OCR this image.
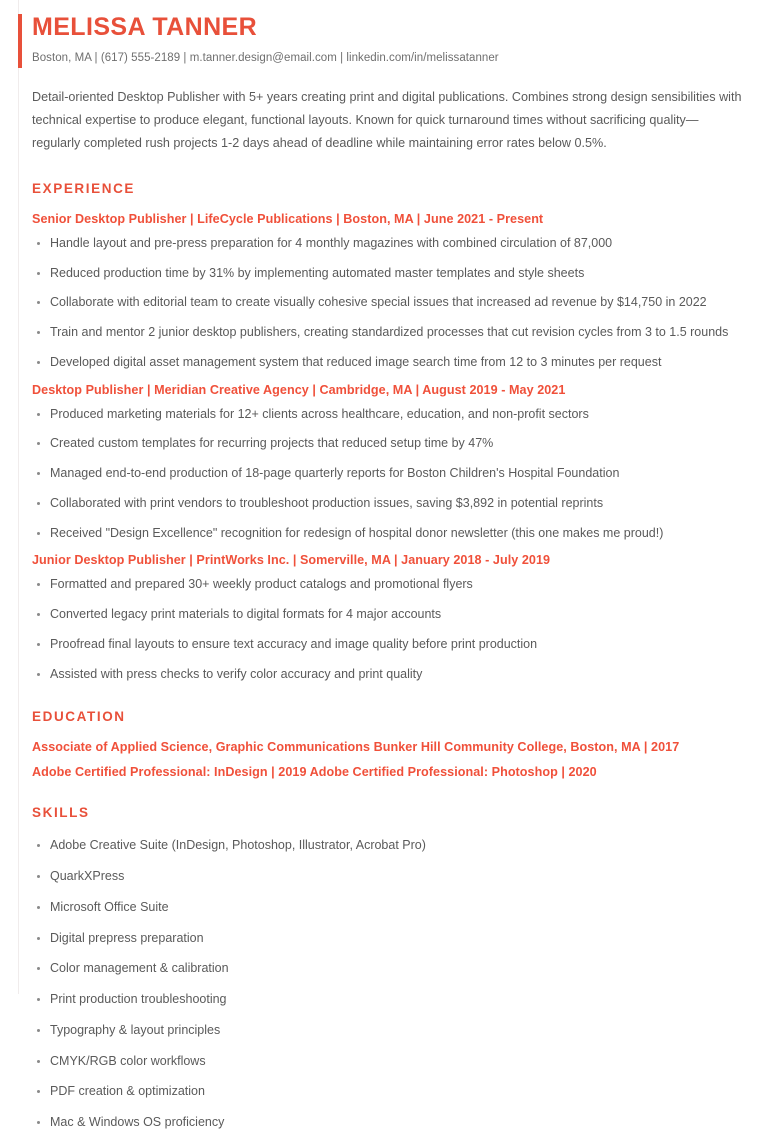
MELISSA TANNER
Boston, MA | (617) 555-2189 | m.tanner.design@email.com | linkedin.com/in/melissatanner
Detail-oriented Desktop Publisher with 5+ years creating print and digital publications. Combines strong design sensibilities with technical expertise to produce elegant, functional layouts. Known for quick turnaround times without sacrificing quality—regularly completed rush projects 1-2 days ahead of deadline while maintaining error rates below 0.5%.
EXPERIENCE
Senior Desktop Publisher | LifeCycle Publications | Boston, MA | June 2021 - Present
Handle layout and pre-press preparation for 4 monthly magazines with combined circulation of 87,000
Reduced production time by 31% by implementing automated master templates and style sheets
Collaborate with editorial team to create visually cohesive special issues that increased ad revenue by $14,750 in 2022
Train and mentor 2 junior desktop publishers, creating standardized processes that cut revision cycles from 3 to 1.5 rounds
Developed digital asset management system that reduced image search time from 12 to 3 minutes per request
Desktop Publisher | Meridian Creative Agency | Cambridge, MA | August 2019 - May 2021
Produced marketing materials for 12+ clients across healthcare, education, and non-profit sectors
Created custom templates for recurring projects that reduced setup time by 47%
Managed end-to-end production of 18-page quarterly reports for Boston Children's Hospital Foundation
Collaborated with print vendors to troubleshoot production issues, saving $3,892 in potential reprints
Received "Design Excellence" recognition for redesign of hospital donor newsletter (this one makes me proud!)
Junior Desktop Publisher | PrintWorks Inc. | Somerville, MA | January 2018 - July 2019
Formatted and prepared 30+ weekly product catalogs and promotional flyers
Converted legacy print materials to digital formats for 4 major accounts
Proofread final layouts to ensure text accuracy and image quality before print production
Assisted with press checks to verify color accuracy and print quality
EDUCATION
Associate of Applied Science, Graphic Communications Bunker Hill Community College, Boston, MA | 2017
Adobe Certified Professional: InDesign | 2019 Adobe Certified Professional: Photoshop | 2020
SKILLS
Adobe Creative Suite (InDesign, Photoshop, Illustrator, Acrobat Pro)
QuarkXPress
Microsoft Office Suite
Digital prepress preparation
Color management & calibration
Print production troubleshooting
Typography & layout principles
CMYK/RGB color workflows
PDF creation & optimization
Mac & Windows OS proficiency
